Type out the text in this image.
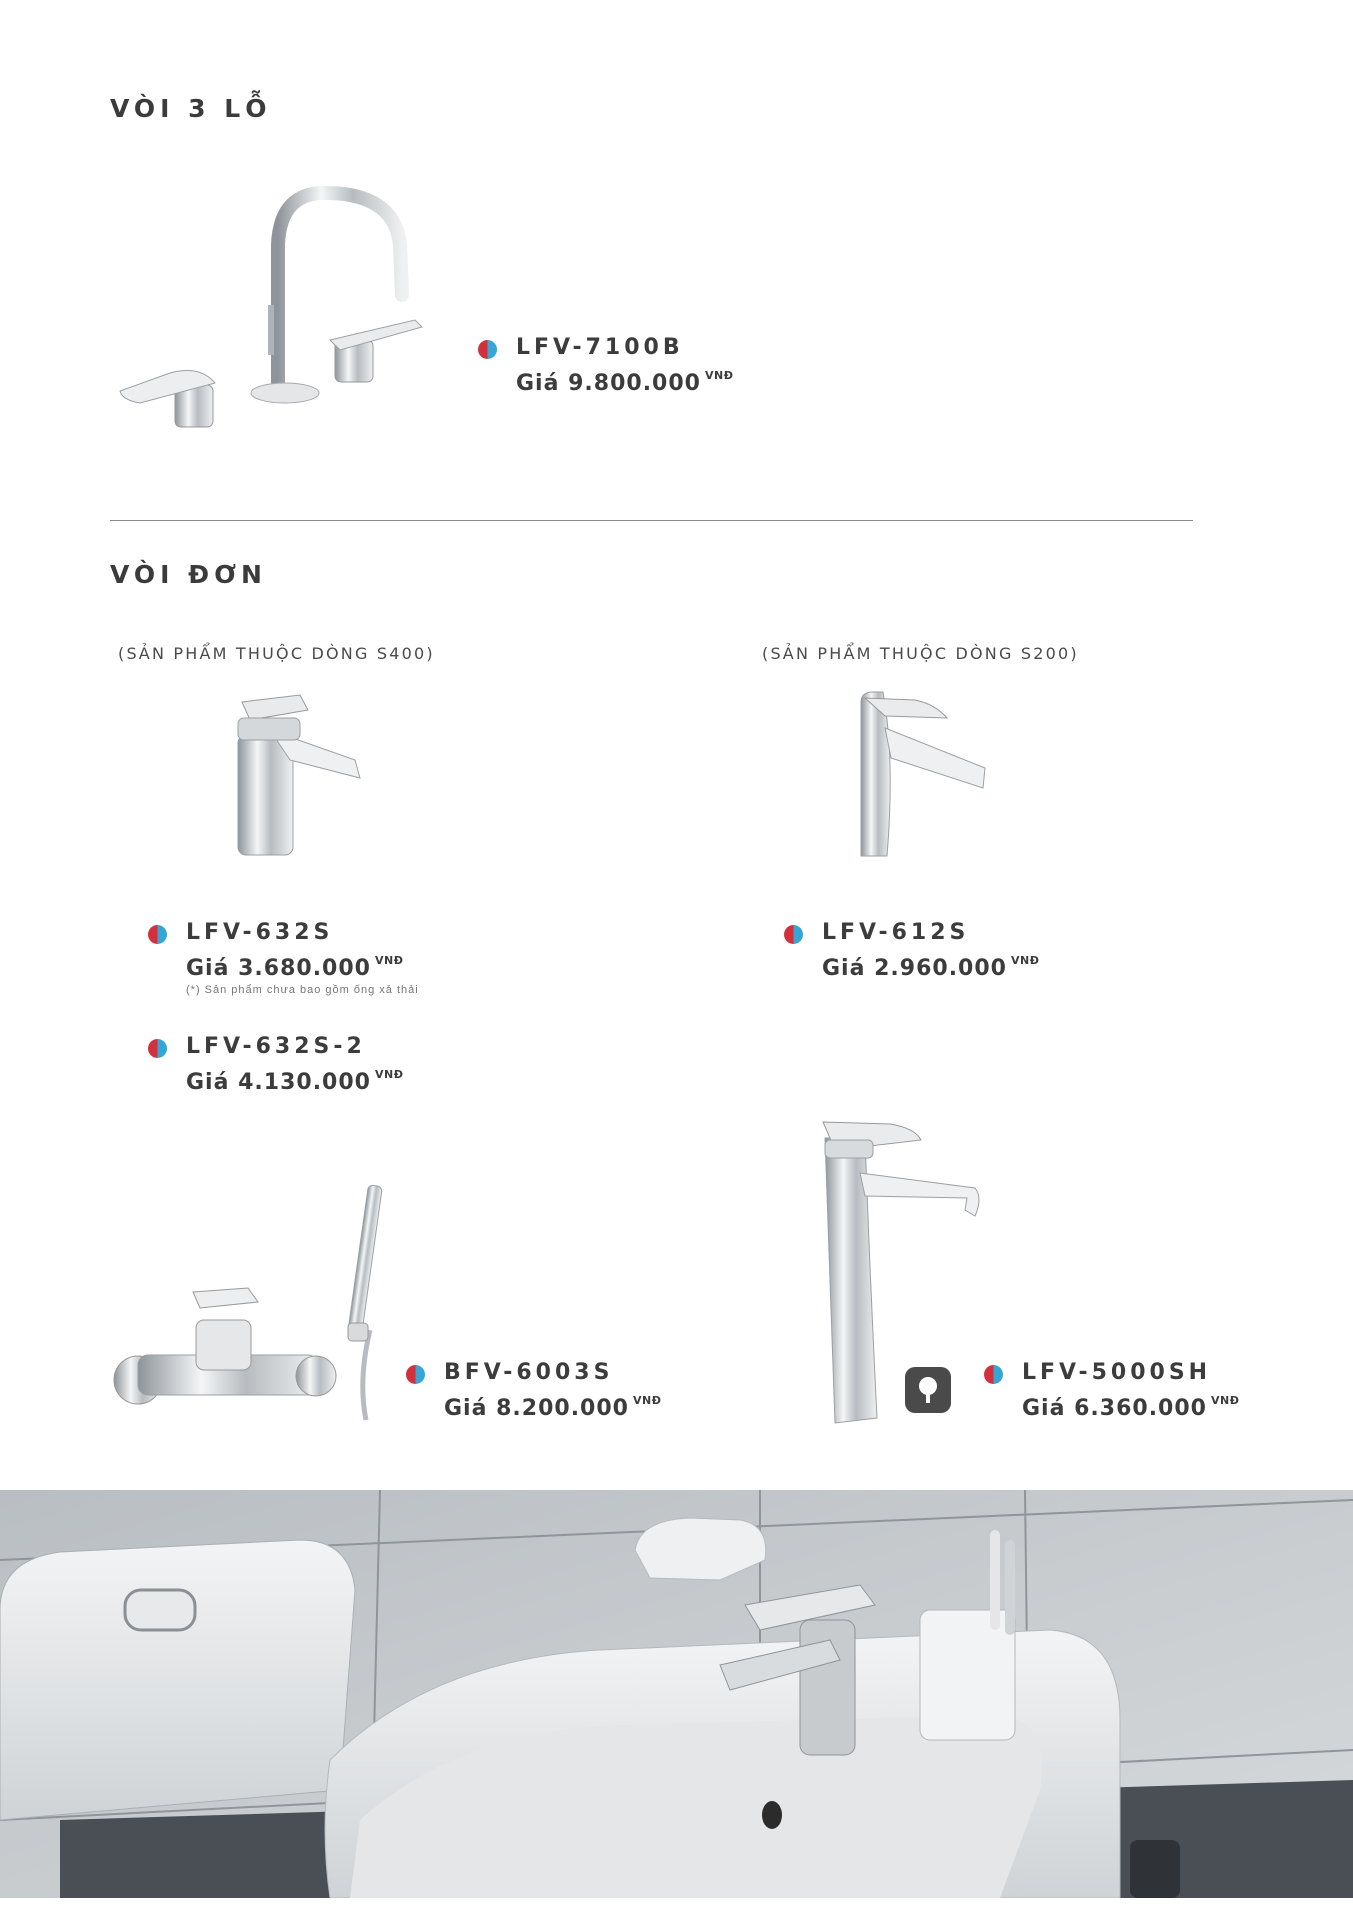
VÒI 3 LỖ
LFV-7100B
Giá 9.800.000 $^{VNĐ}$
VÒI ĐƠN
(SẢN PHẨM THUỘC DÒNG S400)	(SẢN PHẨM THUỘC DÒNG S200)
LFV-632S
Giá 3.680.000 $^{VNĐ}$
(*) Sản phẩm chưa bao gồm ống xả thải
LFV-632S-2
Giá 4.130.000 $^{VNĐ}$
LFV-612S
Giá 2.960.000 $^{VNĐ}$
BFV-6003S
Giá 8.200.000 $^{VNĐ}$
LFV-5000SH
Giá 6.360.000 $^{VNĐ}$
